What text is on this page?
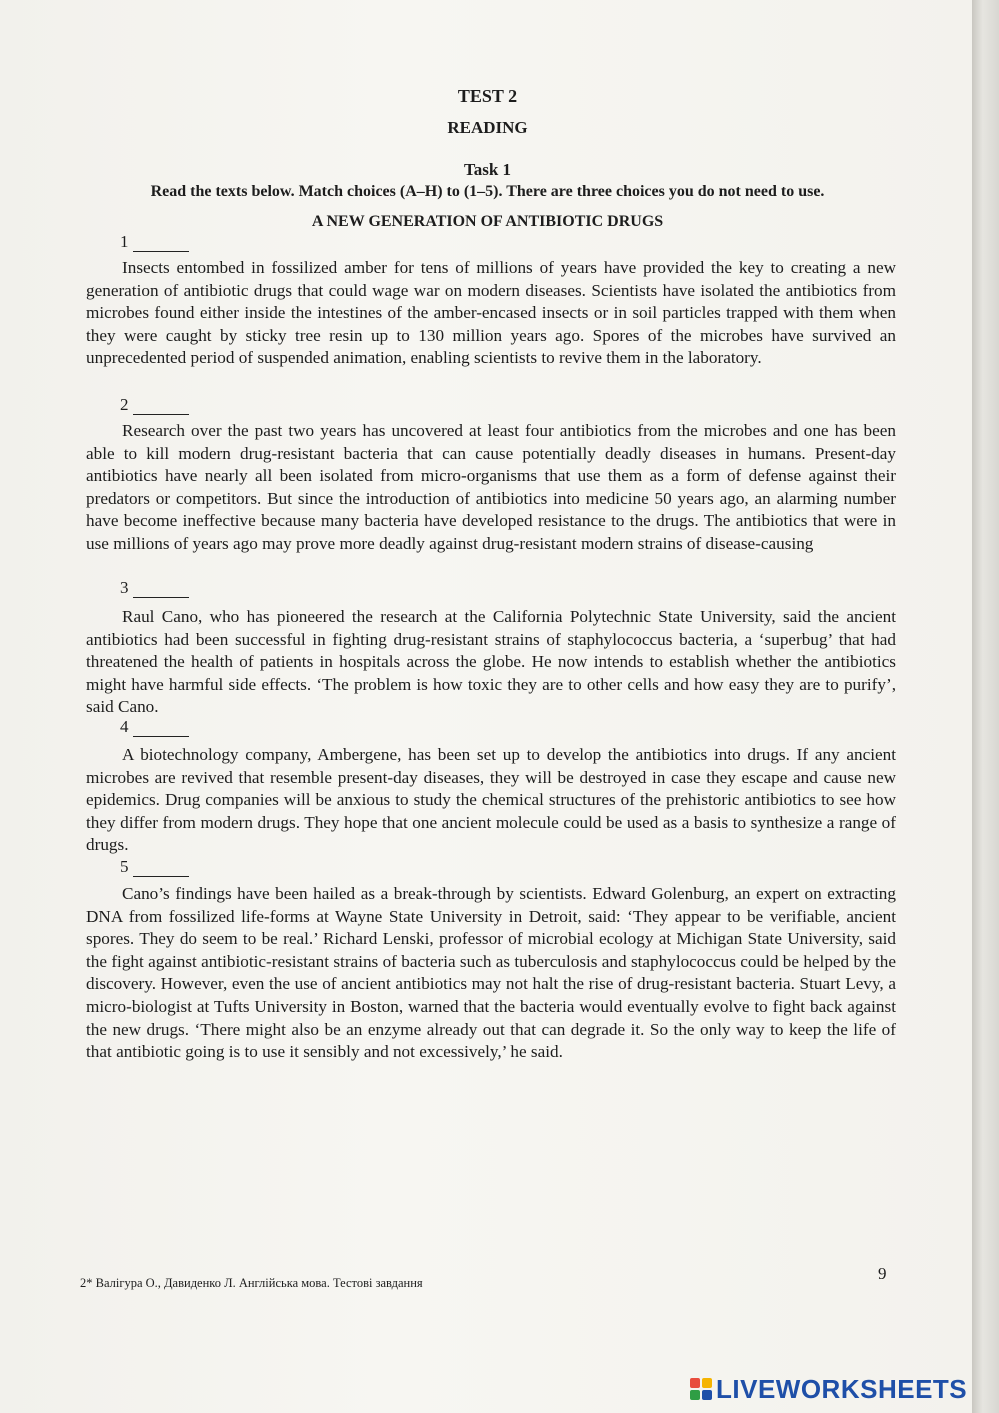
TEST 2
READING
Task 1
Read the texts below. Match choices (A–H) to (1–5). There are three choices you do not need to use.
A NEW GENERATION OF ANTIBIOTIC DRUGS
1

Insects entombed in fossilized amber for tens of millions of years have provided the key to creating a new generation of antibiotic drugs that could wage war on modern diseases. Scientists have isolated the antibiotics from microbes found either inside the intestines of the amber-encased insects or in soil particles trapped with them when they were caught by sticky tree resin up to 130 million years ago. Spores of the microbes have survived an unprecedented period of suspended animation, enabling scientists to revive them in the laboratory.

2

Research over the past two years has uncovered at least four antibiotics from the microbes and one has been able to kill modern drug-resistant bacteria that can cause potentially deadly diseases in humans. Present-day antibiotics have nearly all been isolated from micro-organisms that use them as a form of defense against their predators or competitors. But since the introduction of antibiotics into medicine 50 years ago, an alarming number have become ineffective because many bacteria have developed resistance to the drugs. The antibiotics that were in use millions of years ago may prove more deadly against drug-resistant modern strains of disease-causing

3

Raul Cano, who has pioneered the research at the California Polytechnic State University, said the ancient antibiotics had been successful in fighting drug-resistant strains of staphylococcus bacteria, a ‘superbug’ that had threatened the health of patients in hospitals across the globe. He now intends to establish whether the antibiotics might have harmful side effects. ‘The problem is how toxic they are to other cells and how easy they are to purify’, said Cano.

4

A biotechnology company, Ambergene, has been set up to develop the antibiotics into drugs. If any ancient microbes are revived that resemble present-day diseases, they will be destroyed in case they escape and cause new epidemics. Drug companies will be anxious to study the chemical structures of the prehistoric antibiotics to see how they differ from modern drugs. They hope that one ancient molecule could be used as a basis to synthesize a range of drugs.

5

Cano’s findings have been hailed as a break-through by scientists. Edward Golenburg, an expert on extracting DNA from fossilized life-forms at Wayne State University in Detroit, said: ‘They appear to be verifiable, ancient spores. They do seem to be real.’ Richard Lenski, professor of microbial ecology at Michigan State University, said the fight against antibiotic-resistant strains of bacteria such as tuberculosis and staphylococcus could be helped by the discovery. However, even the use of ancient antibiotics may not halt the rise of drug-resistant bacteria. Stuart Levy, a micro-biologist at Tufts University in Boston, warned that the bacteria would eventually evolve to fight back against the new drugs. ‘There might also be an enzyme already out that can degrade it. So the only way to keep the life of that antibiotic going is to use it sensibly and not excessively,’ he said.

2* Валігура О., Давиденко Л. Англійська мова. Тестові завдання	9
LIVEWORKSHEETS
